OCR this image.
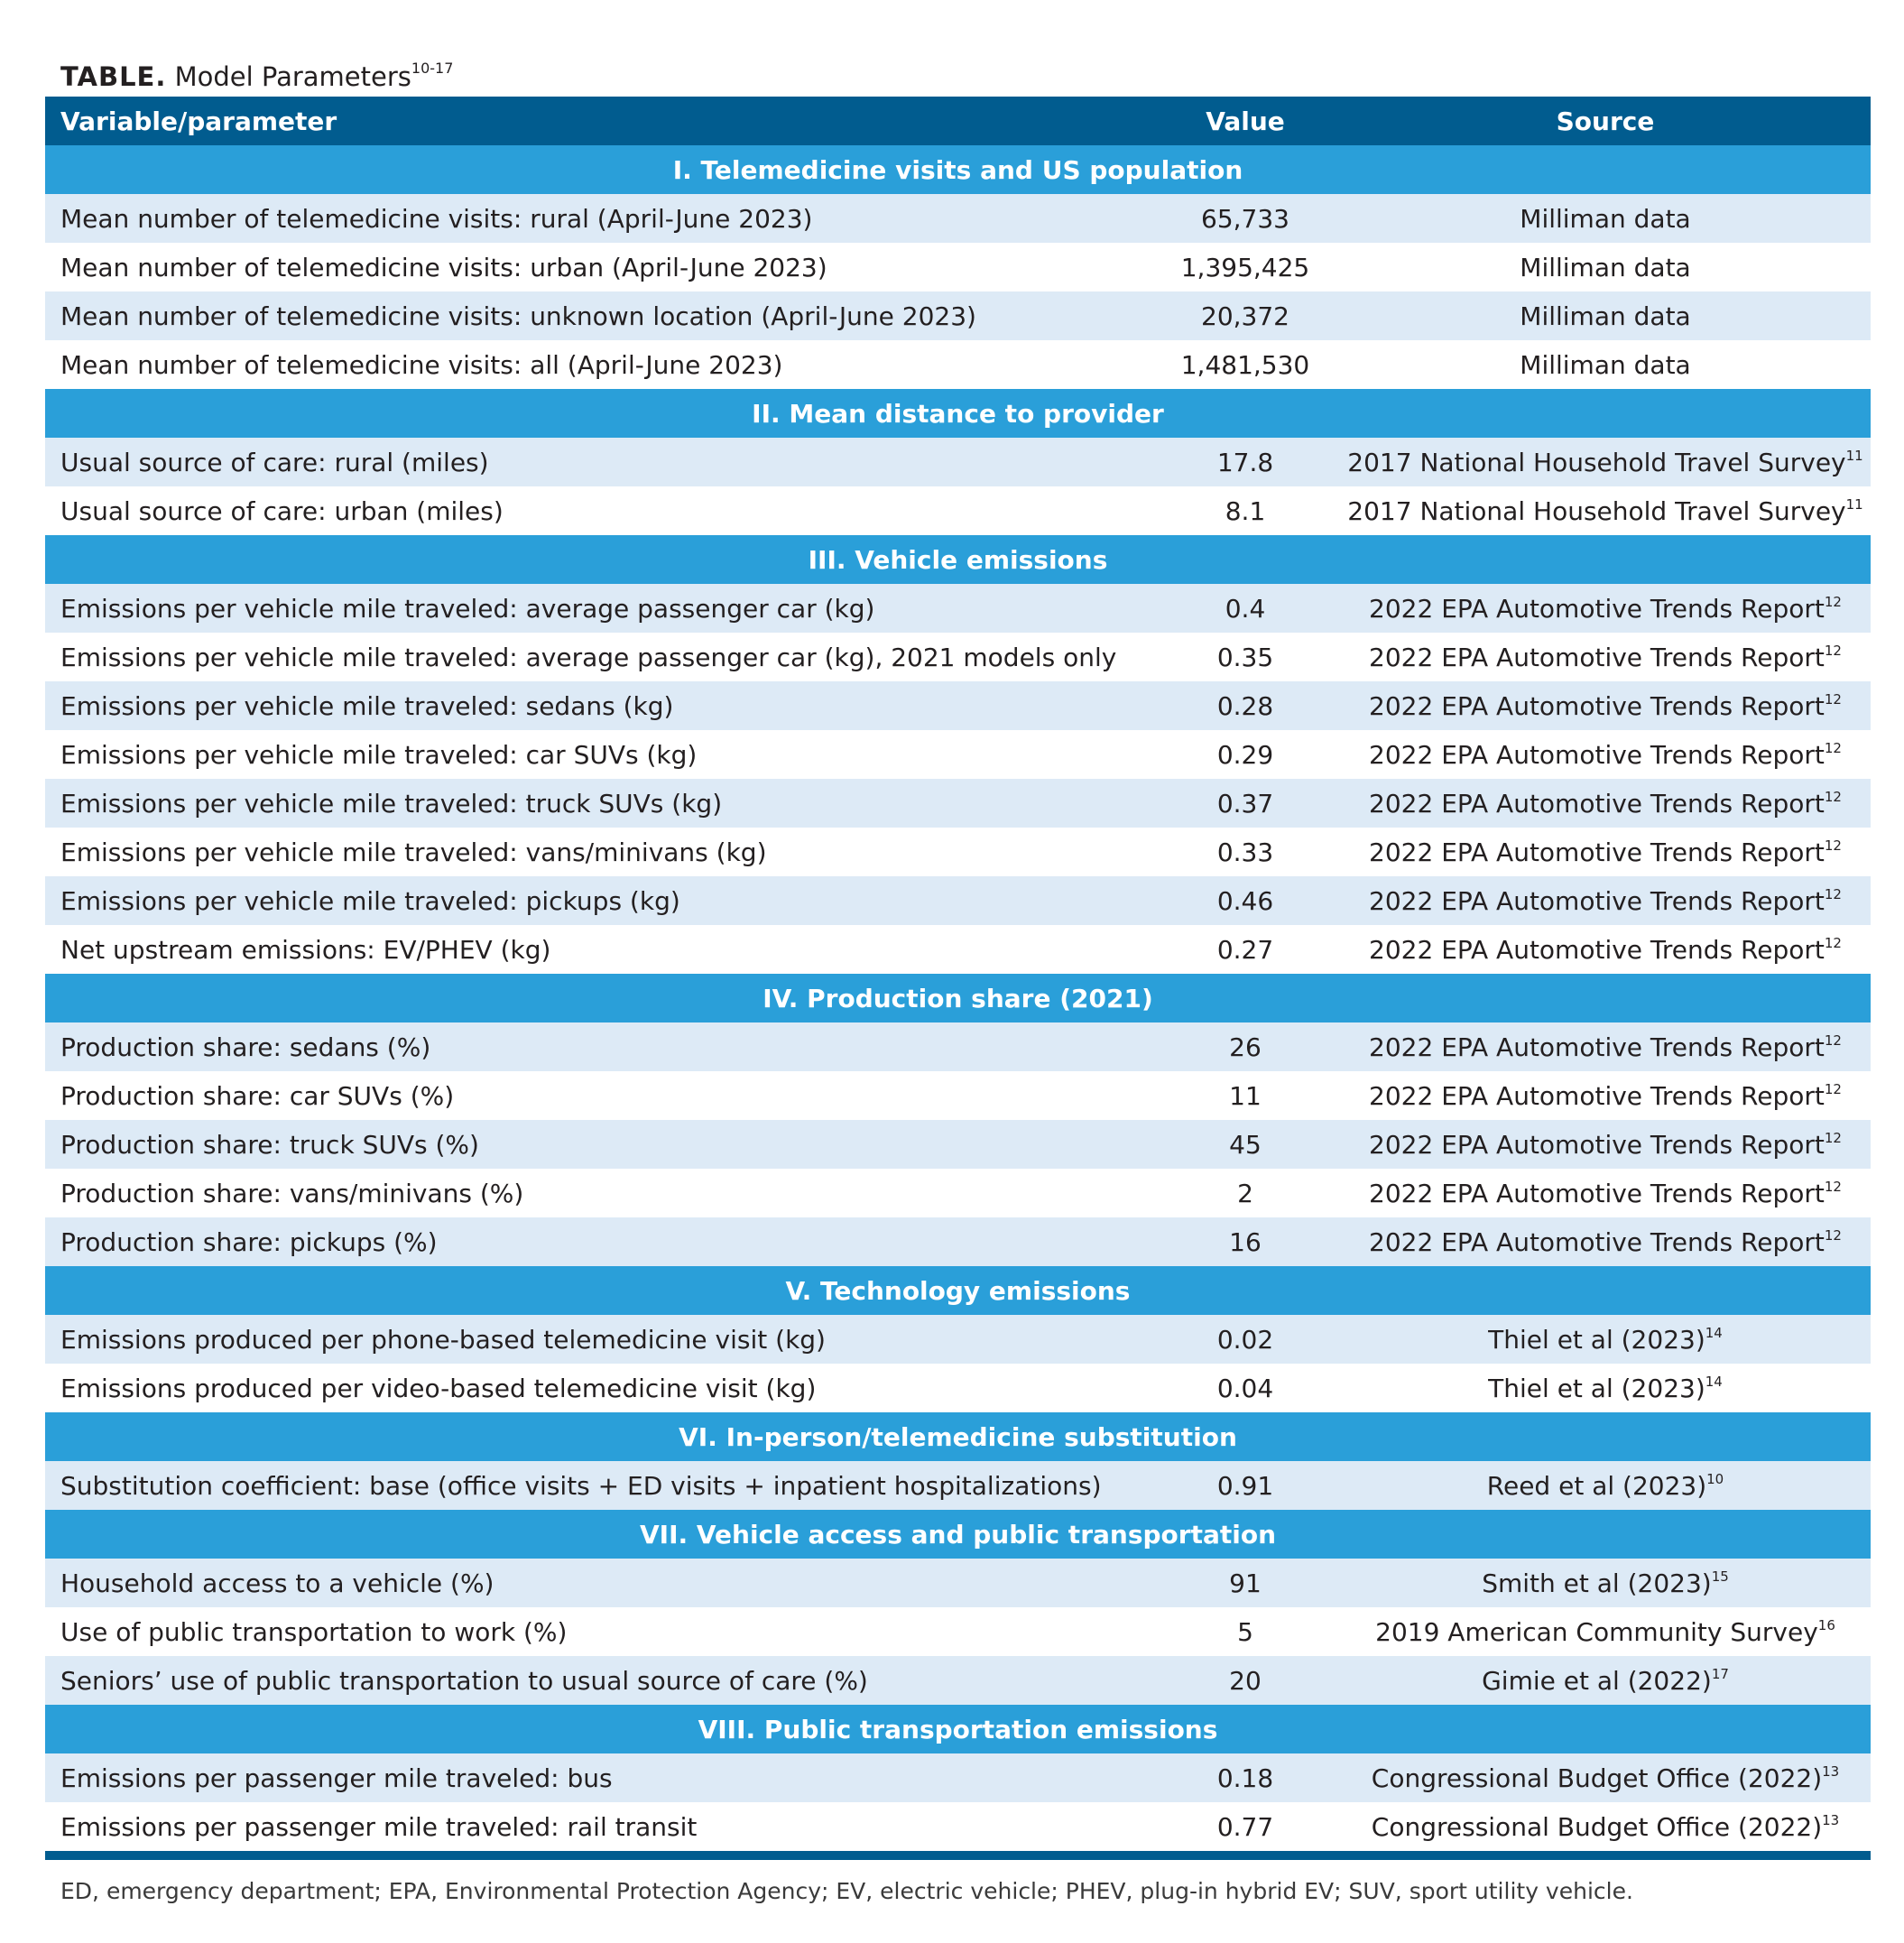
TABLE. Model Parameters$^{10-17}$
Variable/parameter	Value	Source
I. Telemedicine visits and US population		
Mean number of telemedicine visits: rural (April-June 2023)	65,733	Milliman data
Mean number of telemedicine visits: urban (April-June 2023)	1,395,425	Milliman data
Mean number of telemedicine visits: unknown location (April-June 2023)	20,372	Milliman data
Mean number of telemedicine visits: all (April-June 2023)	1,481,530	Milliman data
II. Mean distance to provider		
Usual source of care: rural (miles)	17.8	2017 National Household Travel Survey$^{11}$
Usual source of care: urban (miles)	8.1	2017 National Household Travel Survey$^{11}$
III. Vehicle emissions		
Emissions per vehicle mile traveled: average passenger car (kg)	0.4	2022 EPA Automotive Trends Report$^{12}$
Emissions per vehicle mile traveled: average passenger car (kg), 2021 models only	0.35	2022 EPA Automotive Trends Report$^{12}$
Emissions per vehicle mile traveled: sedans (kg)	0.28	2022 EPA Automotive Trends Report$^{12}$
Emissions per vehicle mile traveled: car SUVs (kg)	0.29	2022 EPA Automotive Trends Report$^{12}$
Emissions per vehicle mile traveled: truck SUVs (kg)	0.37	2022 EPA Automotive Trends Report$^{12}$
Emissions per vehicle mile traveled: vans/minivans (kg)	0.33	2022 EPA Automotive Trends Report$^{12}$
Emissions per vehicle mile traveled: pickups (kg)	0.46	2022 EPA Automotive Trends Report$^{12}$
Net upstream emissions: EV/PHEV (kg)	0.27	2022 EPA Automotive Trends Report$^{12}$
IV. Production share (2021)		
Production share: sedans (%)	26	2022 EPA Automotive Trends Report$^{12}$
Production share: car SUVs (%)	11	2022 EPA Automotive Trends Report$^{12}$
Production share: truck SUVs (%)	45	2022 EPA Automotive Trends Report$^{12}$
Production share: vans/minivans (%)	2	2022 EPA Automotive Trends Report$^{12}$
Production share: pickups (%)	16	2022 EPA Automotive Trends Report$^{12}$
V. Technology emissions		
Emissions produced per phone-based telemedicine visit (kg)	0.02	Thiel et al (2023)$^{14}$
Emissions produced per video-based telemedicine visit (kg)	0.04	Thiel et al (2023)$^{14}$
VI. In-person/telemedicine substitution		
Substitution coefficient: base (office visits + ED visits + inpatient hospitalizations)	0.91	Reed et al (2023)$^{10}$
VII. Vehicle access and public transportation		
Household access to a vehicle (%)	91	Smith et al (2023)$^{15}$
Use of public transportation to work (%)	5	2019 American Community Survey$^{16}$
Seniors’ use of public transportation to usual source of care (%)	20	Gimie et al (2022)$^{17}$
VIII. Public transportation emissions		
Emissions per passenger mile traveled: bus	0.18	Congressional Budget Office (2022)$^{13}$
Emissions per passenger mile traveled: rail transit	0.77	Congressional Budget Office (2022)$^{13}$
ED, emergency department; EPA, Environmental Protection Agency; EV, electric vehicle; PHEV, plug-in hybrid EV; SUV, sport utility vehicle.
